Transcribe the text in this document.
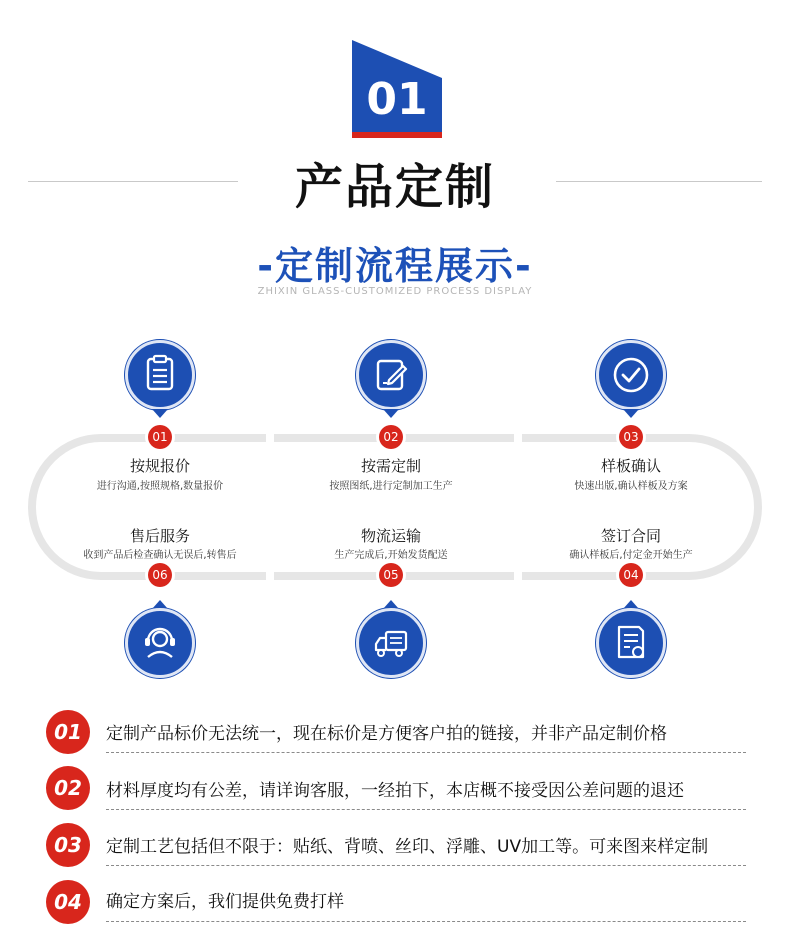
01
产品定制
-定制流程展示-
ZHIXIN GLASS-CUSTOMIZED PROCESS DISPLAY
01
按规报价
进行沟通,按照规格,数量报价
02
按需定制
按照图纸,进行定制加工生产
03
样板确认
快速出版,确认样板及方案
售后服务
收到产品后检查确认无误后,转售后
06
物流运输
生产完成后,开始发货配送
05
签订合同
确认样板后,付定金开始生产
04
01	定制产品标价无法统一，现在标价是方便客户拍的链接，并非产品定制价格
02	材料厚度均有公差，请详询客服，一经拍下，本店概不接受因公差问题的退还
03	定制工艺包括但不限于：贴纸、背喷、丝印、浮雕、UV加工等。可来图来样定制
04	确定方案后，我们提供免费打样
